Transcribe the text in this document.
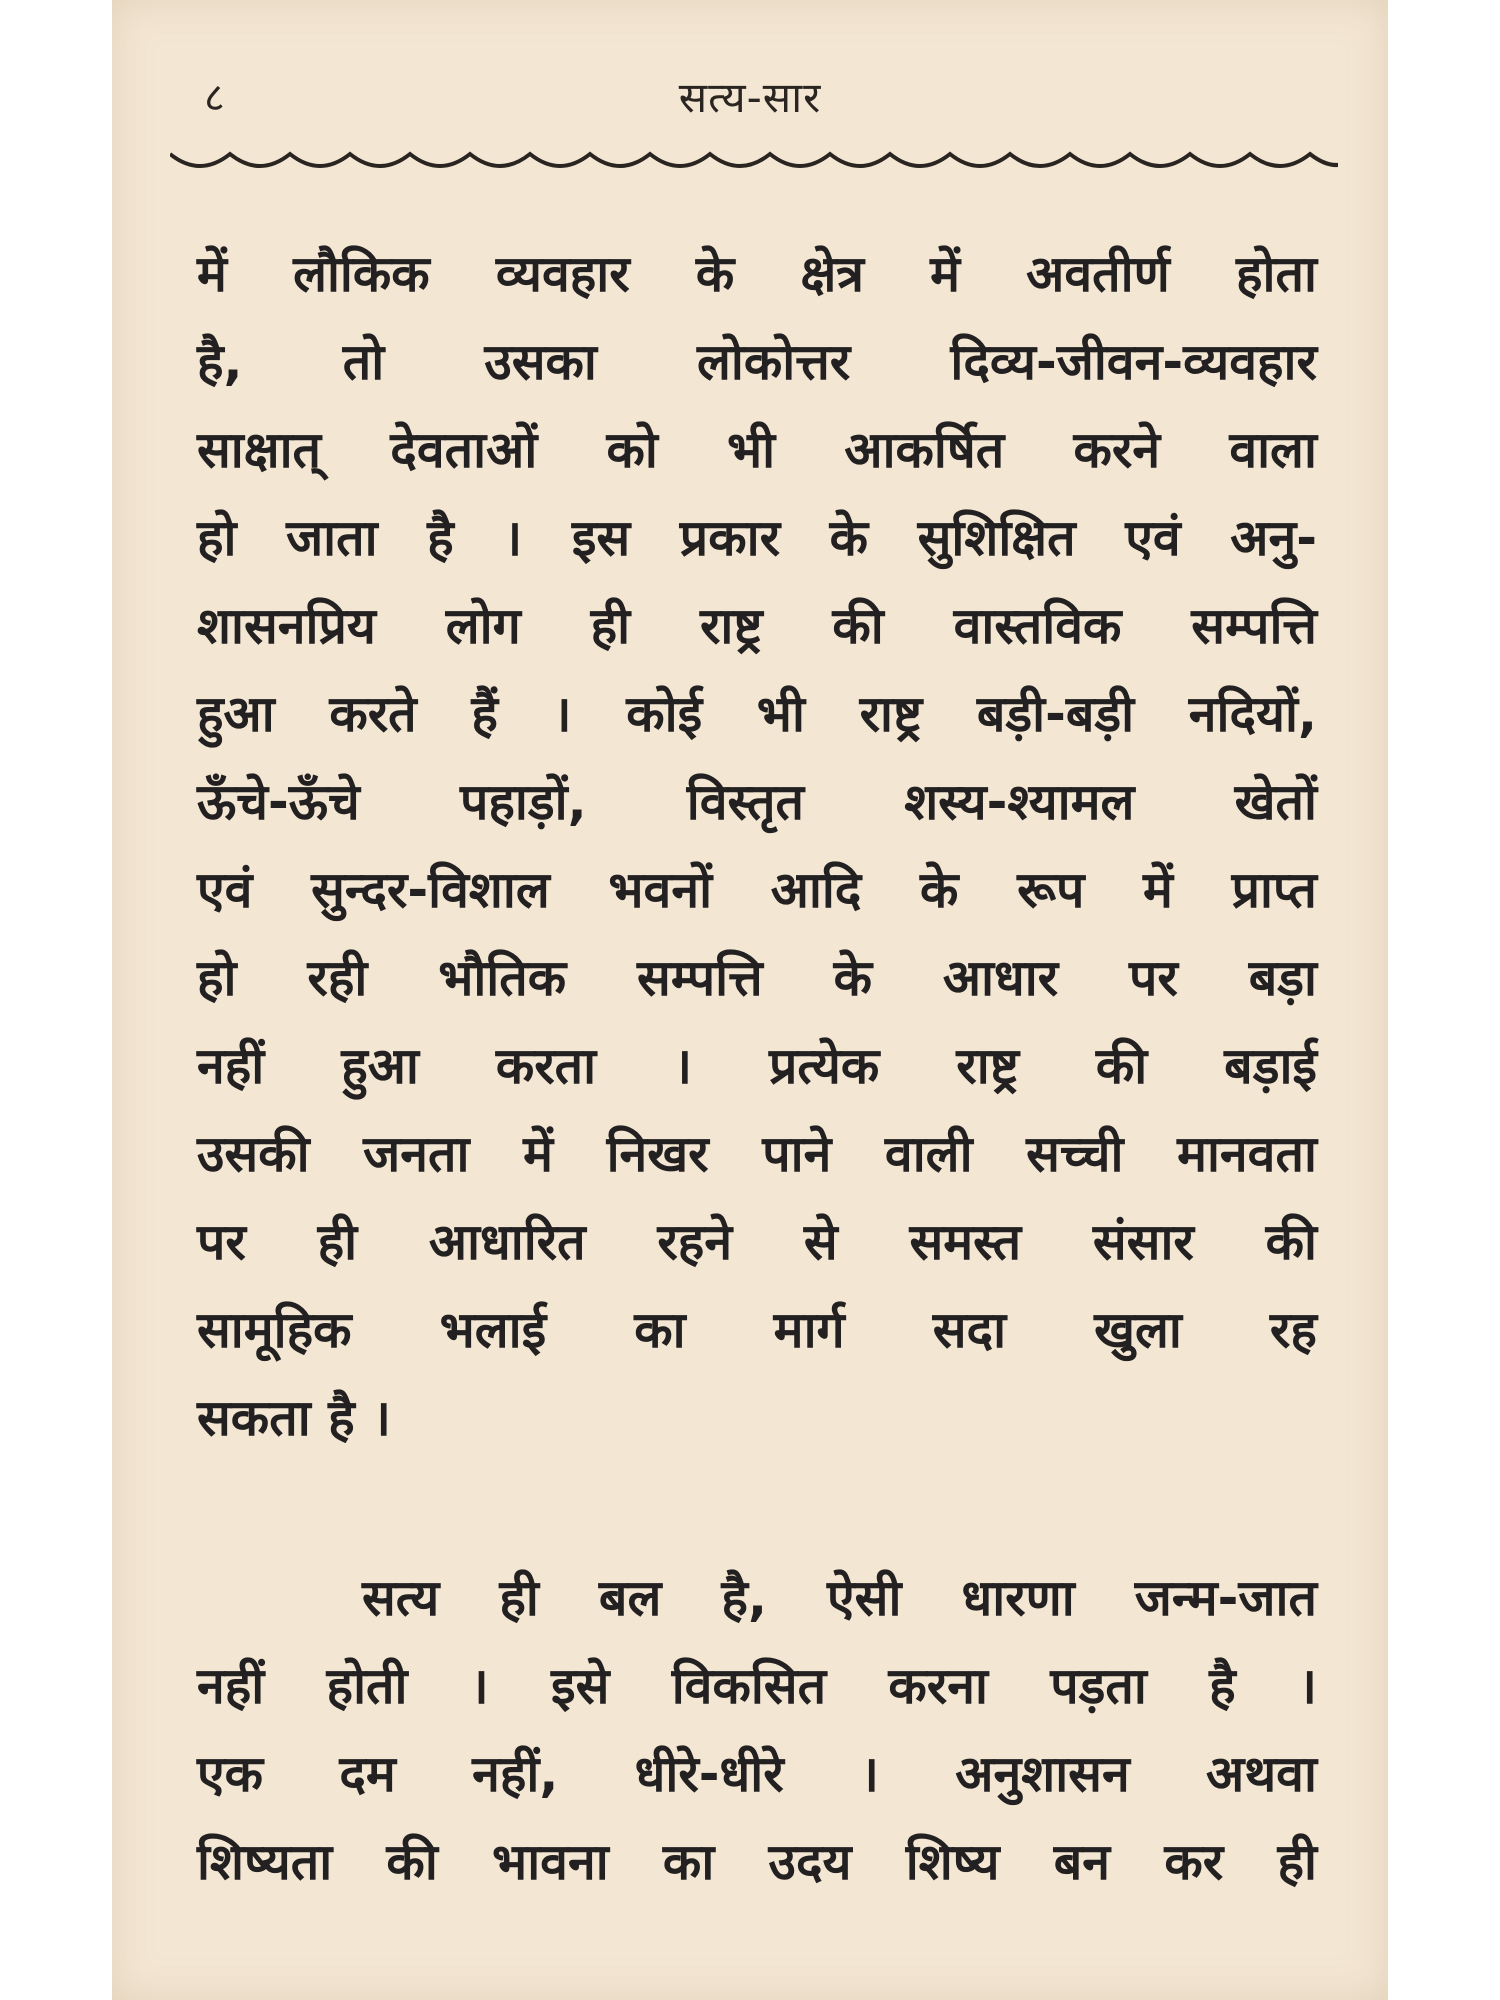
८	सत्य-सार
में लौकिक व्यवहार के क्षेत्र में अवतीर्ण होता
है, तो उसका लोकोत्तर दिव्य-जीवन-व्यवहार
साक्षात् देवताओं को भी आकर्षित करने वाला
हो जाता है । इस प्रकार के सुशिक्षित एवं अनु-
शासनप्रिय लोग ही राष्ट्र की वास्तविक सम्पत्ति
हुआ करते हैं । कोई भी राष्ट्र बड़ी-बड़ी नदियों,
ऊँचे-ऊँचे पहाड़ों, विस्तृत शस्य-श्यामल खेतों
एवं सुन्दर-विशाल भवनों आदि के रूप में प्राप्त
हो रही भौतिक सम्पत्ति के आधार पर बड़ा
नहीं हुआ करता । प्रत्येक राष्ट्र की बड़ाई
उसकी जनता में निखर पाने वाली सच्ची मानवता
पर ही आधारित रहने से समस्त संसार की
सामूहिक भलाई का मार्ग सदा खुला रह
सकता है ।
सत्य ही बल है, ऐसी धारणा जन्म-जात
नहीं होती । इसे विकसित करना पड़ता है ।
एक दम नहीं, धीरे-धीरे । अनुशासन अथवा
शिष्यता की भावना का उदय शिष्य बन कर ही
